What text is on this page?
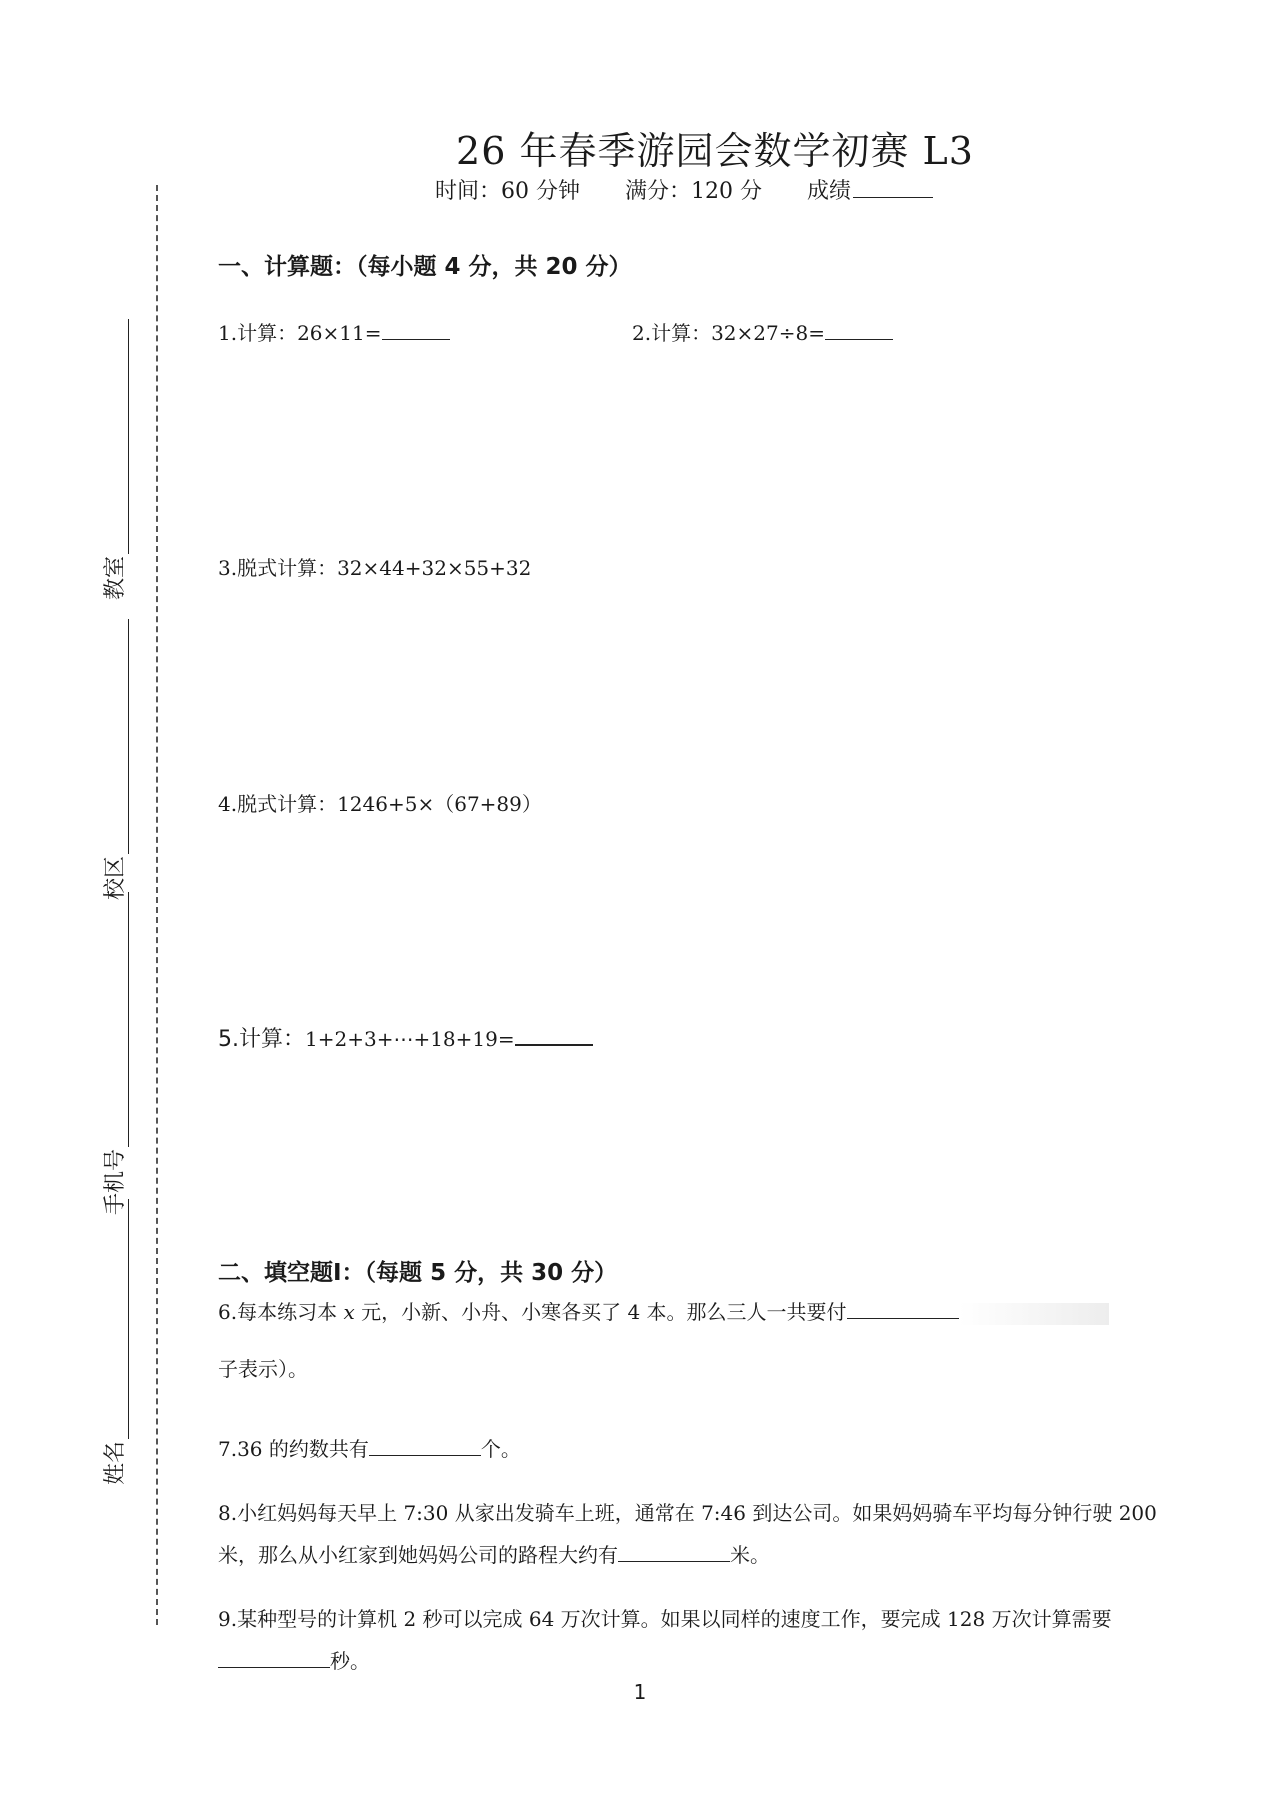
教室
校区
手机号
姓名
26 年春季游园会数学初赛 L3
时间：60 分钟 满分：120 分 成绩
一、计算题：（每小题 4 分，共 20 分）
1.计算：26×11=	2.计算：32×27÷8=
3.脱式计算：32×44+32×55+32
4.脱式计算：1246+5×（67+89）
5.计算：1+2+3+⋯+18+19=
二、填空题Ⅰ：（每题 5 分，共 30 分）
6.每本练习本 x 元，小新、小舟、小寒各买了 4 本。那么三人一共要付
子表示）。
7.36 的约数共有	个。
8.小红妈妈每天早上 7:30 从家出发骑车上班，通常在 7:46 到达公司。如果妈妈骑车平均每分钟行驶 200 米，那么从小红家到她妈妈公司的路程大约有	米。
9.某种型号的计算机 2 秒可以完成 64 万次计算。如果以同样的速度工作，要完成 128 万次计算需要秒。
1
